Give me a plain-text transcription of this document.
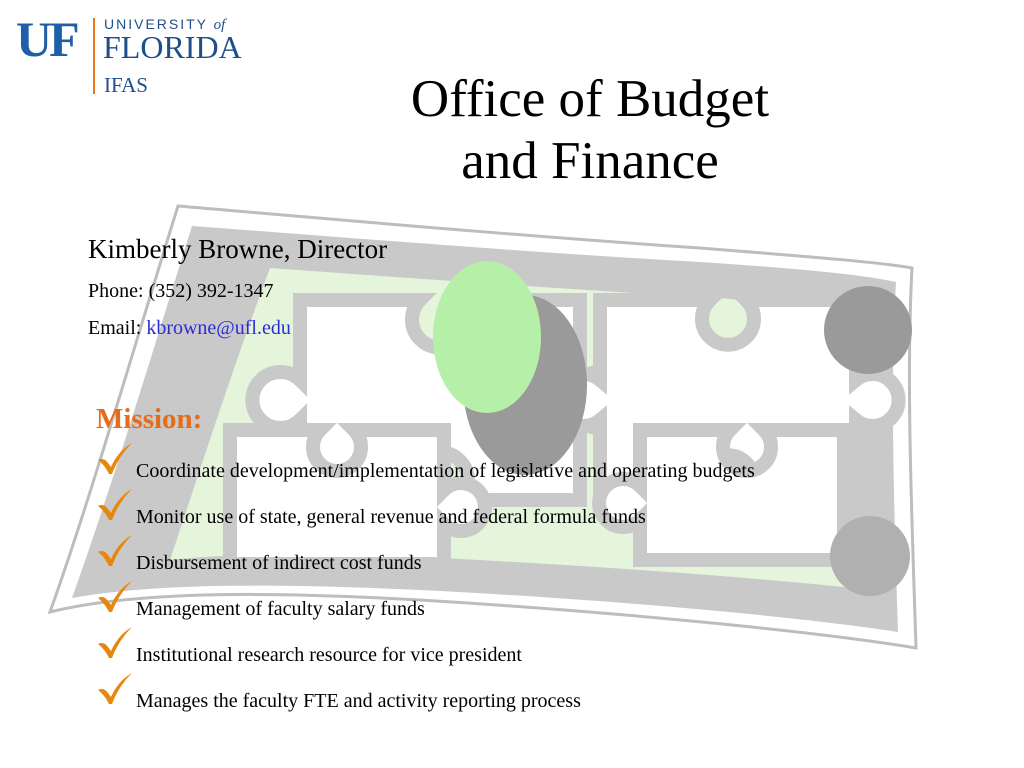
UF UNIVERSITY of
FLORIDA
IFAS	Office of Budget
and Finance
Kimberly Browne, Director
Phone: (352) 392-1347
Email: kbrowne@ufl.edu
Mission:
Coordinate development/implementation of legislative and operating budgets
Monitor use of state, general revenue and federal formula funds
Disbursement of indirect cost funds
Management of faculty salary funds
Institutional research resource for vice president
Manages the faculty FTE and activity reporting process
